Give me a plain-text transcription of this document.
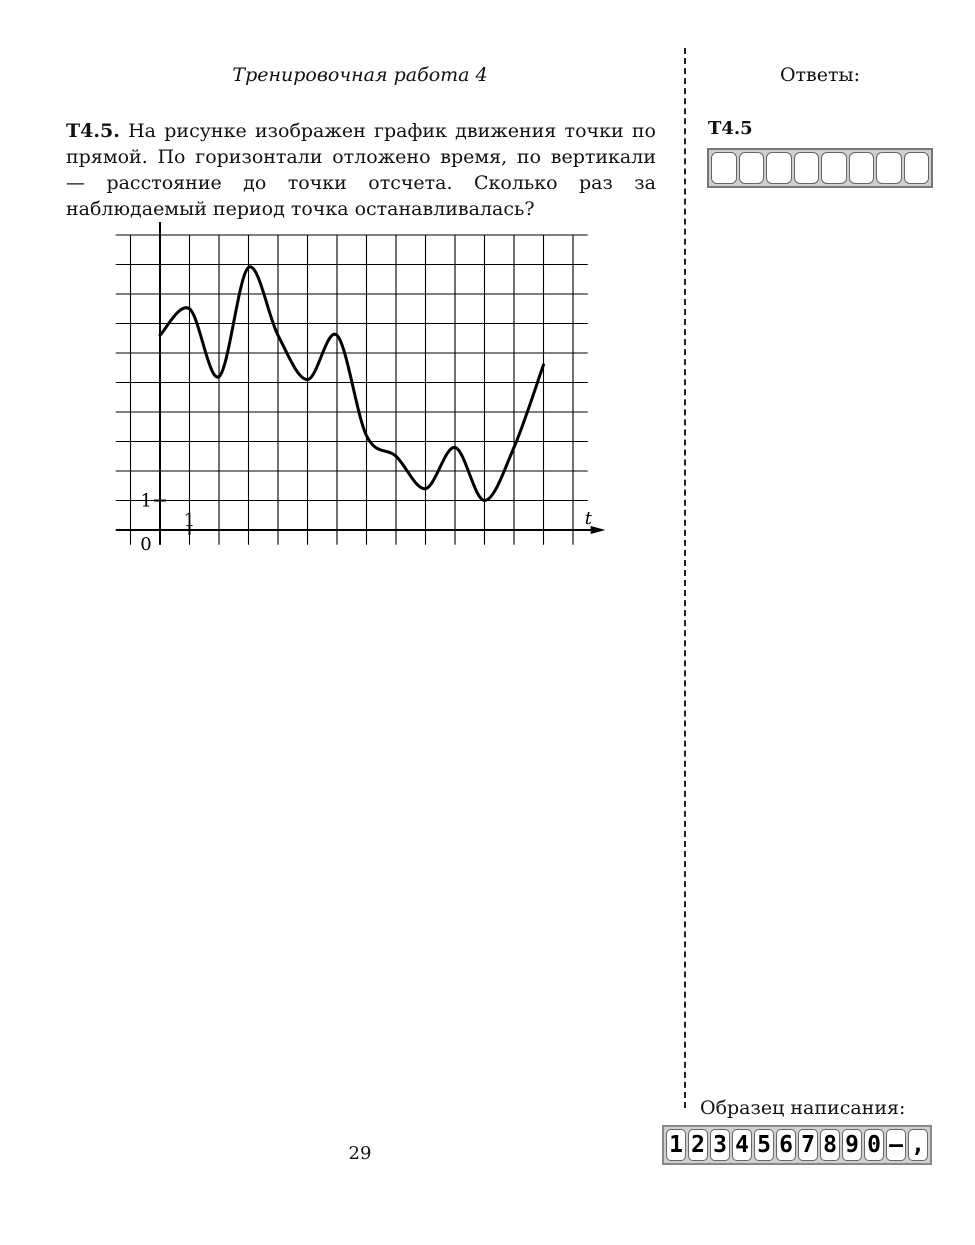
Тренировочная работа 4	Ответы:
Т4.5. На рисунке изображен график движения точки по прямой. По горизонтали отложено время, по вертикали — расстояние до точки отсчета. Сколько раз за наблюдаемый период точка останавливалась?
Т4.5
t
0
1
1
29
Образец написания:
1 2 3 4 5 6 7 8 9 0 – ,
